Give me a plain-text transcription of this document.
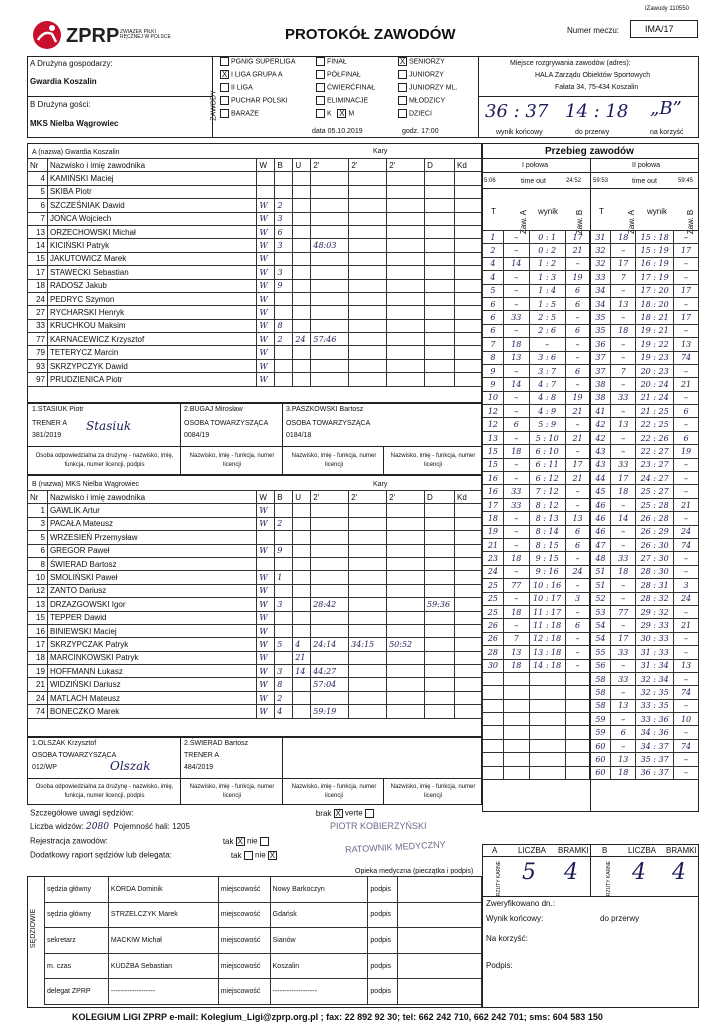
IZawody 110550
ZPRP ZWIĄZEK PIŁKI RĘCZNEJ W POLSCE	PROTOKÓŁ ZAWODÓW	Numer meczu:	IMA/17
A Drużyna gospodarzy:
Gwardia Koszalin
B Drużyna gości:
MKS Nielba Wągrowiec
ZAWODY
PGNIG SUPERLIGA
X I LIGA GRUPA A
II LIGA
PUCHAR POLSKI
BARAŻE
FINAŁ
PÓŁFINAŁ
ĆWIERĆFINAŁ
ELIMINACJE
K X M
X SENIORZY
JUNIORZY
JUNIORZY ML.
MŁODZICY
DZIECI
data 05.10.2019	godz. 17:00
Miejsce rozgrywania zawodów (adres):
HALA Zarządu Obiektów Sportowych
Fałata 34, 75-434 Koszalin
36 : 37 14 : 18 „B”
wynik końcowy	do przerwy	na korzyść
A (nazwa) Gwardia Koszalin	Kary
Nr	Nazwisko i imię zawodnika	W	B	U	2'	2'	2'	D	Kd
4	KAMIŃSKI Maciej								
5	SKIBA Piotr								
6	SZCZEŚNIAK Dawid	W	2						
7	JOŃCA Wojciech	W	3						
13	ORZECHOWSKI Michał	W	6						
14	KICIŃSKI Patryk	W	3		48:03				
15	JAKUTOWICZ Marek	W							
17	STAWECKI Sebastian	W	3						
18	RADOSZ Jakub	W	9						
24	PEDRYC Szymon	W							
27	RYCHARSKI Henryk	W							
33	KRUCHKOU Maksim	W	8						
77	KARNACEWICZ Krzysztof	W	2	24	57:46				
79	TETERYCZ Marcin	W							
93	SKRZYPCZYK Dawid	W							
97	PRUDZIENICA Piotr	W							
1.STASIUK Piotr
TRENER A
381/2019
Stasiuk
2.BUGAJ Mirosław
OSOBA TOWARZYSZĄCA
0084/19
3.PASZKOWSKI Bartosz
OSOBA TOWARZYSZĄCA
0184/18
Osoba odpowiedzialna za drużynę - nazwisko, imię, funkcja, numer licencji, podpis
Nazwisko, imię - funkcja, numer licencji
Nazwisko, imię - funkcja, numer licencji
Nazwisko, imię - funkcja, numer licencji
B (nazwa) MKS Nielba Wągrowiec	Kary
Nr	Nazwisko i imię zawodnika	W	B	U	2'	2'	2'	D	Kd
1	GAWLIK Artur	W							
3	PACAŁA Mateusz	W	2						
5	WRZESIEŃ Przemysław								
6	GREGOR Paweł	W	9						
8	ŚWIERAD Bartosz								
10	SMOLIŃSKI Paweł	W	1						
12	ZANTO Dariusz	W							
13	DRZAZGOWSKI Igor	W	3		28:42			59:36	
15	TEPPER Dawid	W							
16	BINIEWSKI Maciej	W							
17	SKRZYPCZAK Patryk	W	5	4	24:14	34:15	50:52		
18	MARCINKOWSKI Patryk	W		21					
19	HOFFMANN Łukasz	W	3	14	44:27				
21	WIDZIŃSKI Dariusz	W	8		57:04				
24	MATLACH Mateusz	W	2						
74	BONECZKO Marek	W	4		59:19				
1.OLSZAK Krzysztof
OSOBA TOWARZYSZĄCA
012/WP	Olszak
2.ŚWIERAD Bartosz
TRENER A
484/2019
Osoba odpowiedzialna za drużynę - nazwisko, imię, funkcja, numer licencji, podpis
Nazwisko, imię - funkcja, numer licencji
Nazwisko, imię - funkcja, numer licencji
Nazwisko, imię - funkcja, numer licencji
Przebieg zawodów
I połowa	II połowa
5:06	time out	24:52 59:53	time out	59:45
T	Zaw. A wynik Zaw. B T	Zaw. A wynik Zaw. B
1	–	0 : 1	17	31	18	15 : 18	–
2	–	0 : 2	21	32	–	15 : 19	17
4	14	1 : 2	–	32	17	16 : 19	–
4	–	1 : 3	19	33	7	17 : 19	–
5	–	1 : 4	6	34	–	17 : 20	17
6	–	1 : 5	6	34	13	18 : 20	–
6	33	2 : 5	–	35	–	18 : 21	17
6	–	2 : 6	6	35	18	19 : 21	–
7	18	–	–	36	–	19 : 22	13
8	13	3 : 6	–	37	–	19 : 23	74
9	–	3 : 7	6	37	7	20 : 23	–
9	14	4 : 7	–	38	–	20 : 24	21
10	–	4 : 8	19	38	33	21 : 24	–
12	–	4 : 9	21	41	–	21 : 25	6
12	6	5 : 9	–	42	13	22 : 25	–
13	–	5 : 10	21	42	–	22 : 26	6
15	18	6 : 10	–	43	–	22 : 27	19
15	–	6 : 11	17	43	33	23 : 27	–
16	–	6 : 12	21	44	17	24 : 27	–
16	33	7 : 12	–	45	18	25 : 27	–
17	33	8 : 12	–	46	–	25 : 28	21
18	–	8 : 13	13	46	14	26 : 28	–
19	–	8 : 14	6	46	–	26 : 29	24
21	–	8 : 15	6	47	–	26 : 30	74
23	18	9 : 15	–	48	33	27 : 30	–
24	–	9 : 16	24	51	18	28 : 30	–
25	77	10 : 16	–	51	–	28 : 31	3
25	–	10 : 17	3	52	–	28 : 32	24
25	18	11 : 17	–	53	77	29 : 32	–
26	–	11 : 18	6	54	–	29 : 33	21
26	7	12 : 18	–	54	17	30 : 33	–
28	13	13 : 18	–	55	33	31 : 33	–
30	18	14 : 18	–	56	–	31 : 34	13
				58	33	32 : 34	–
				58	–	32 : 35	74
				58	13	33 : 35	–
				59	–	33 : 36	10
				59	6	34 : 36	–
				60	–	34 : 37	74
				60	13	35 : 37	–
				60	18	36 : 37	–
Szczegółowe uwagi sędziów:	brak X verte
Liczba widzów: 2080 Pojemność hali: 1205
Rejestracja zawodów:	tak X nie
Dodatkowy raport sędziów lub delegata:	tak nie X
PIOTR KOBIERZYŃSKI
RATOWNIK MEDYCZNY
Opieka medyczna (pieczątka i podpis)
SĘDZIOWIE
sędzia główny	KORDA Dominik	miejscowość	Nowy Barkoczyn	podpis	
sędzia główny	STRZELCZYK Marek	miejscowość	Gdańsk	podpis	
sekretarz	MACKIW Michał	miejscowość	Sianów	podpis	
m. czas	KUDŹBA Sebastian	miejscowość	Koszalin	podpis	
delegat ZPRP	-------------------	miejscowość	-------------------	podpis	
A	LICZBA BRAMKI B	LICZBA BRAMKI
RZUTY KARNE	RZUTY KARNE
5 4 4 4
Zweryfikowano dn.:
Wynik końcowy:	do przerwy
Na korzyść:
Podpis:
KOLEGIUM LIGI ZPRP e-mail: Kolegium_Ligi@zprp.org.pl ; fax: 22 892 92 30; tel: 662 242 710, 662 242 701; sms: 604 583 150
